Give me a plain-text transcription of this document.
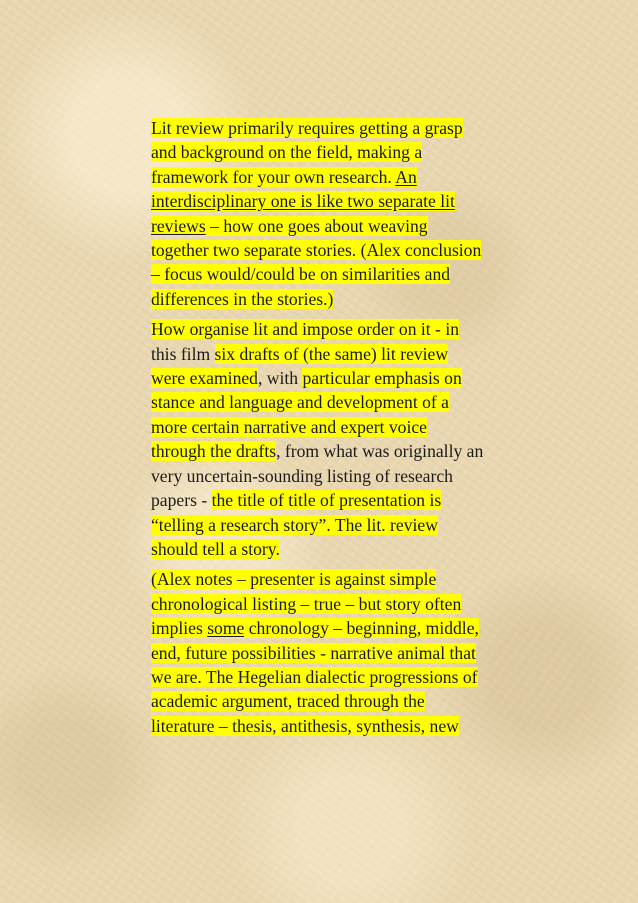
Lit review primarily requires getting a grasp
and background on the field, making a
framework for your own research. An
interdisciplinary one is like two separate lit
reviews – how one goes about weaving
together two separate stories. (Alex conclusion
– focus would/could be on similarities and
differences in the stories.)

How organise lit and impose order on it - in
this film six drafts of (the same) lit review
were examined, with particular emphasis on
stance and language and development of a
more certain narrative and expert voice
through the drafts, from what was originally an
very uncertain-sounding listing of research
papers - the title of title of presentation is
“telling a research story”. The lit. review
should tell a story.

(Alex notes – presenter is against simple
chronological listing – true – but story often
implies some chronology – beginning, middle,
end, future possibilities - narrative animal that
we are. The Hegelian dialectic progressions of
academic argument, traced through the
literature – thesis, antithesis, synthesis, new
